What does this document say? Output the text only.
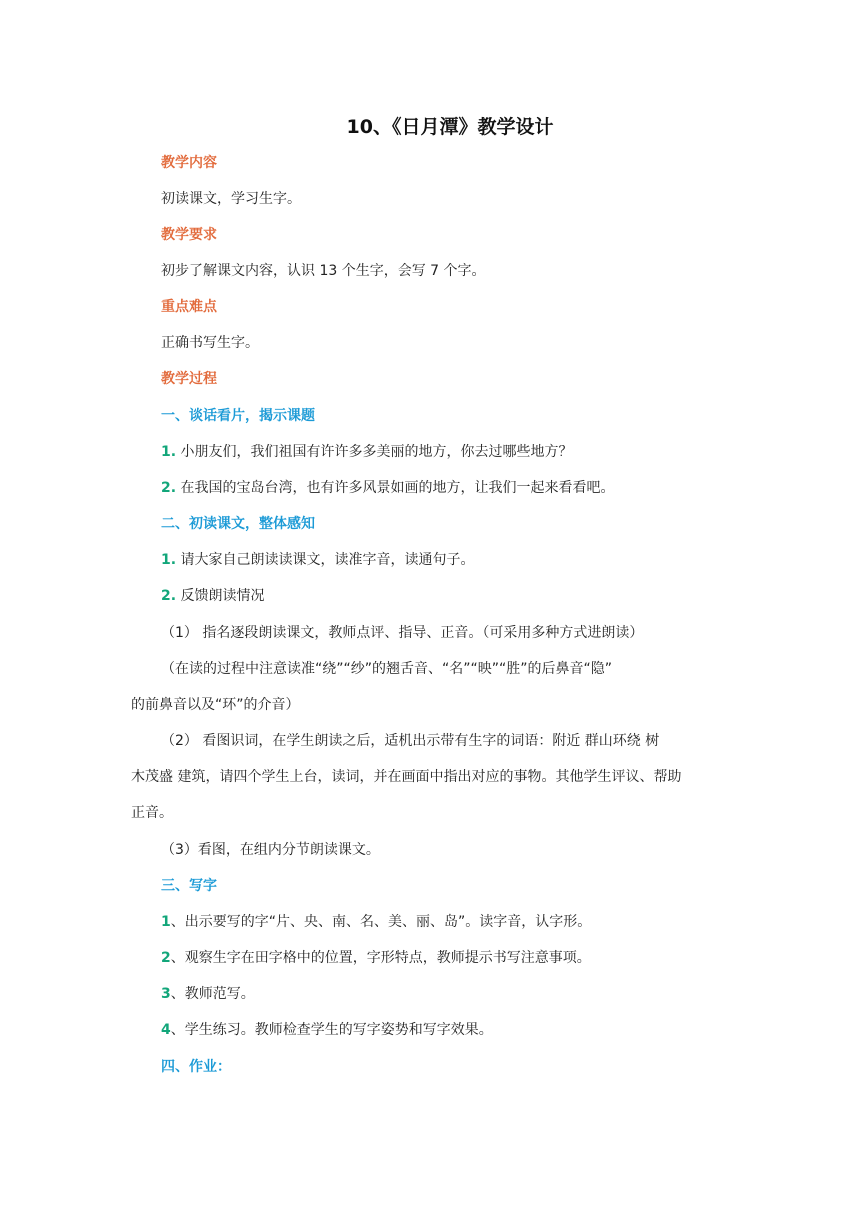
10、《日月潭》教学设计
教学内容
初读课文，学习生字。
教学要求
初步了解课文内容，认识 13 个生字，会写 7 个字。
重点难点
正确书写生字。
教学过程
一、谈话看片，揭示课题
1. 小朋友们，我们祖国有许许多多美丽的地方，你去过哪些地方？
2. 在我国的宝岛台湾，也有许多风景如画的地方，让我们一起来看看吧。
二、初读课文，整体感知
1. 请大家自己朗读读课文，读准字音，读通句子。
2. 反馈朗读情况
（1） 指名逐段朗读课文，教师点评、指导、正音。（可采用多种方式进朗读）
（在读的过程中注意读准“绕”“纱”的翘舌音、“名”“映”“胜”的后鼻音“隐”
的前鼻音以及“环”的介音）
（2） 看图识词，在学生朗读之后，适机出示带有生字的词语：附近 群山环绕 树
木茂盛 建筑，请四个学生上台，读词，并在画面中指出对应的事物。其他学生评议、帮助
正音。
（3）看图，在组内分节朗读课文。
三、写字
1、出示要写的字“片、央、南、名、美、丽、岛”。读字音，认字形。
2、观察生字在田字格中的位置，字形特点，教师提示书写注意事项。
3、教师范写。
4、学生练习。教师检查学生的写字姿势和写字效果。
四、作业：
